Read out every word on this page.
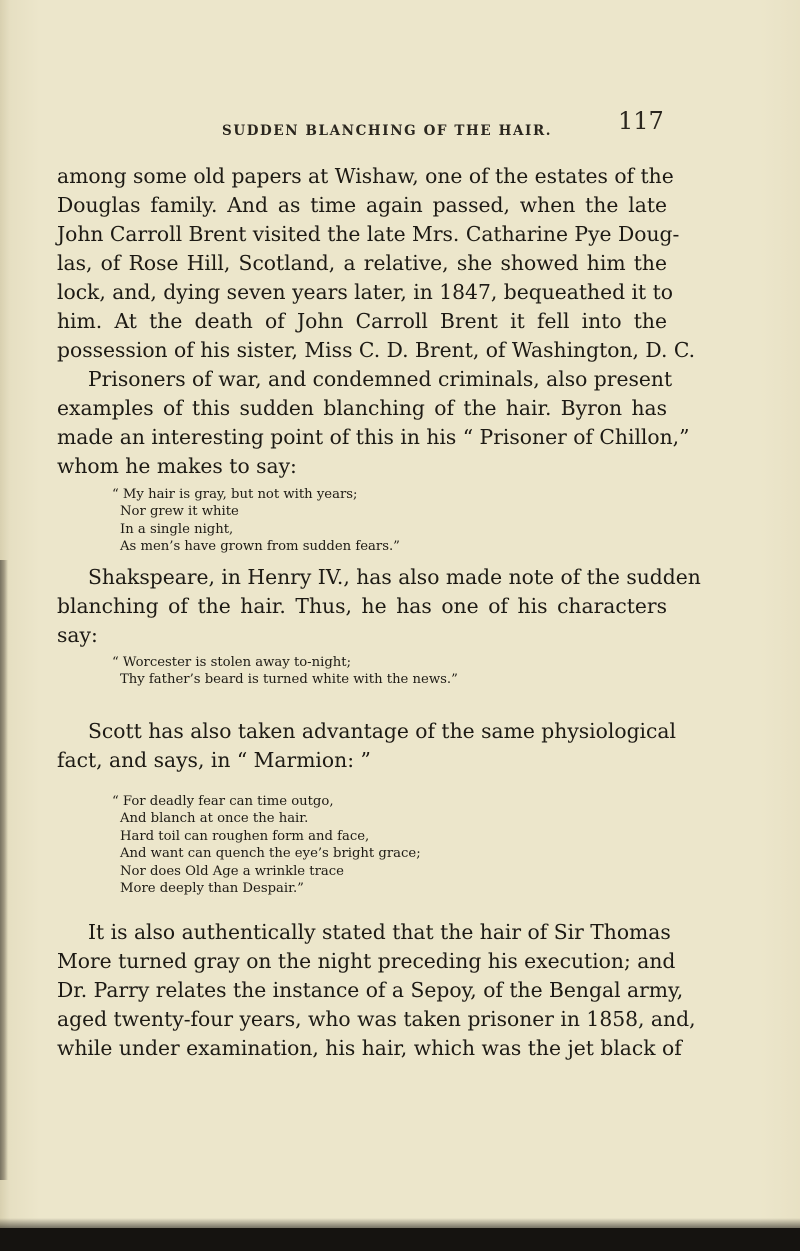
SUDDEN BLANCHING OF THE HAIR.	117

among some old papers at Wishaw, one of the estates of the
Douglas family. And as time again passed, when the late
John Carroll Brent visited the late Mrs. Catharine Pye Doug-
las, of Rose Hill, Scotland, a relative, she showed him the
lock, and, dying seven years later, in 1847, bequeathed it to
him. At the death of John Carroll Brent it fell into the
possession of his sister, Miss C. D. Brent, of Washington, D. C.

Prisoners of war, and condemned criminals, also present
examples of this sudden blanching of the hair. Byron has
made an interesting point of this in his “ Prisoner of Chillon,”
whom he makes to say:

“ My hair is gray, but not with years;
Nor grew it white
In a single night,
As men’s have grown from sudden fears.”

Shakspeare, in Henry IV., has also made note of the sudden
blanching of the hair. Thus, he has one of his characters
say:

“ Worcester is stolen away to-night;
Thy father’s beard is turned white with the news.”

Scott has also taken advantage of the same physiological
fact, and says, in “ Marmion: ”

“ For deadly fear can time outgo,
And blanch at once the hair.
Hard toil can roughen form and face,
And want can quench the eye’s bright grace;
Nor does Old Age a wrinkle trace
More deeply than Despair.”

It is also authentically stated that the hair of Sir Thomas
More turned gray on the night preceding his execution; and
Dr. Parry relates the instance of a Sepoy, of the Bengal army,
aged twenty-four years, who was taken prisoner in 1858, and,
while under examination, his hair, which was the jet black of
